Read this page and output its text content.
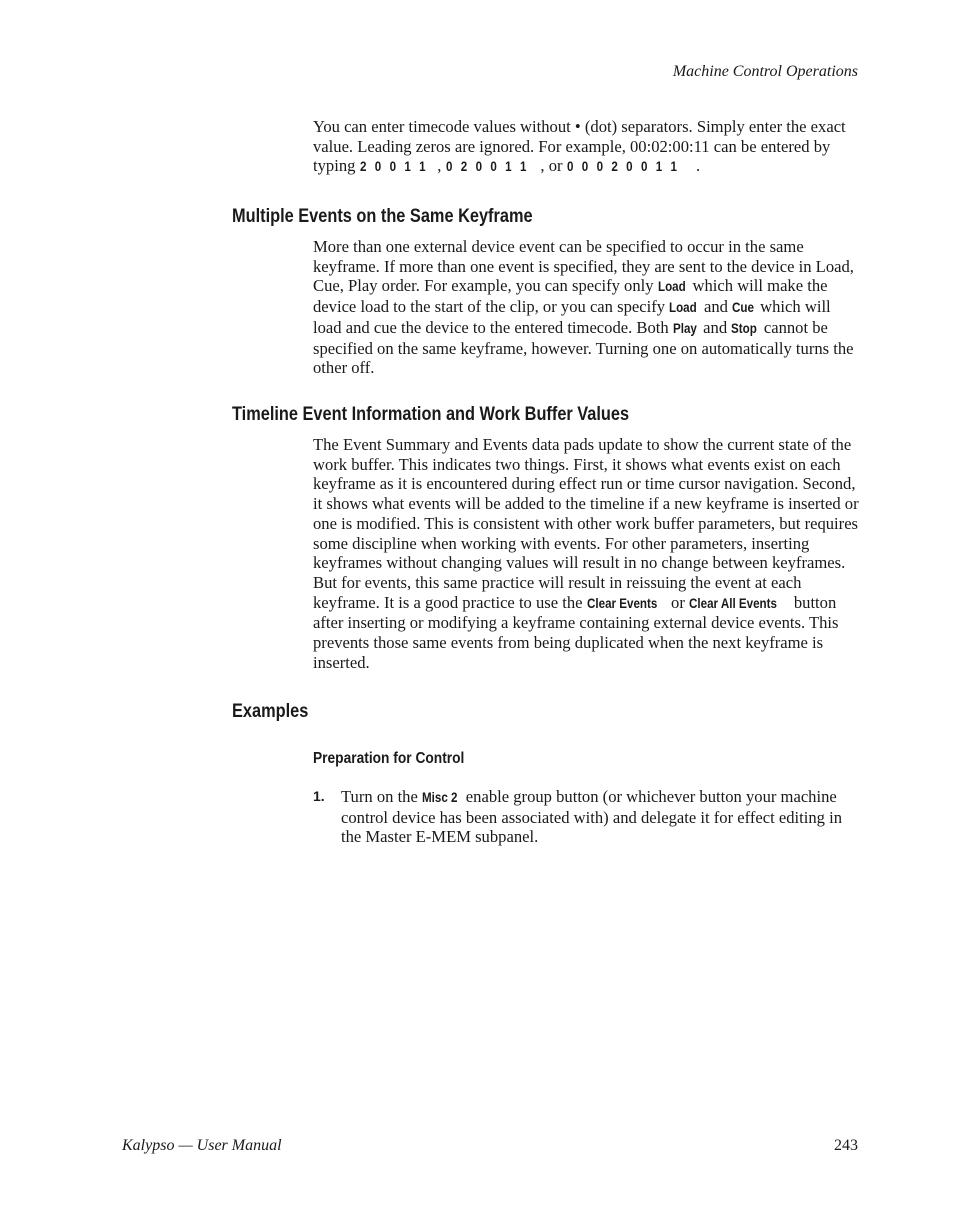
Machine Control Operations

You can enter timecode values without • (dot) separators. Simply enter the exact value. Leading zeros are ignored. For example, 00:02:00:11 can be entered by typing 2 0 0 1 1 , 0 2 0 0 1 1 , or 0 0 0 2 0 0 1 1 .

Multiple Events on the Same Keyframe

More than one external device event can be specified to occur in the same keyframe. If more than one event is specified, they are sent to the device in Load, Cue, Play order. For example, you can specify only Load which will make the device load to the start of the clip, or you can specify Load and Cue which will load and cue the device to the entered timecode. Both Play and Stop cannot be specified on the same keyframe, however. Turning one on automatically turns the other off.

Timeline Event Information and Work Buffer Values

The Event Summary and Events data pads update to show the current state of the work buffer. This indicates two things. First, it shows what events exist on each keyframe as it is encountered during effect run or time cursor navigation. Second, it shows what events will be added to the timeline if a new keyframe is inserted or one is modified. This is consistent with other work buffer parameters, but requires some discipline when working with events. For other parameters, inserting keyframes without changing values will result in no change between keyframes. But for events, this same practice will result in reissuing the event at each keyframe. It is a good practice to use the Clear Events or Clear All Events button after inserting or modifying a keyframe containing external device events. This prevents those same events from being duplicated when the next keyframe is inserted.

Examples
Preparation for Control
1. Turn on the Misc 2 enable group button (or whichever button your machine control device has been associated with) and delegate it for effect editing in the Master E-MEM subpanel.
Kalypso — User Manual	243
